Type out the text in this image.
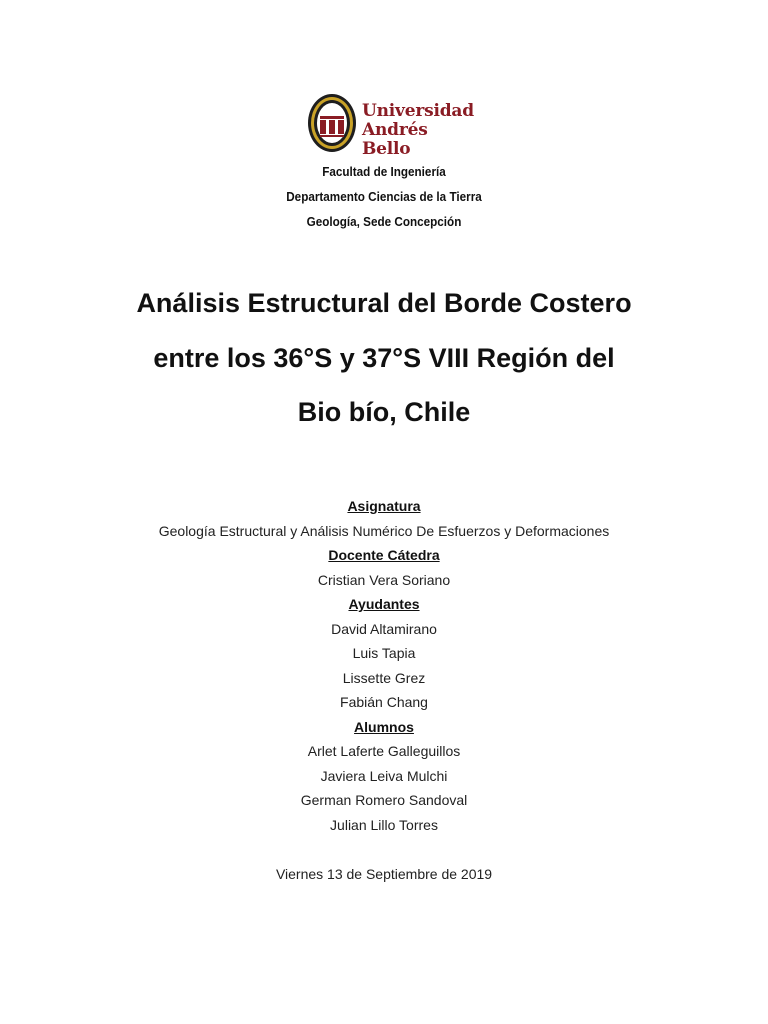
Universidad
Andrés Bello
Facultad de Ingeniería
Departamento Ciencias de la Tierra
Geología, Sede Concepción
Análisis Estructural del Borde Costero
entre los 36°S y 37°S VIII Región del
Bio bío, Chile
Asignatura
Geología Estructural y Análisis Numérico De Esfuerzos y Deformaciones
Docente Cátedra
Cristian Vera Soriano
Ayudantes
David Altamirano
Luis Tapia
Lissette Grez
Fabián Chang
Alumnos
Arlet Laferte Galleguillos
Javiera Leiva Mulchi
German Romero Sandoval
Julian Lillo Torres
Viernes 13 de Septiembre de 2019
